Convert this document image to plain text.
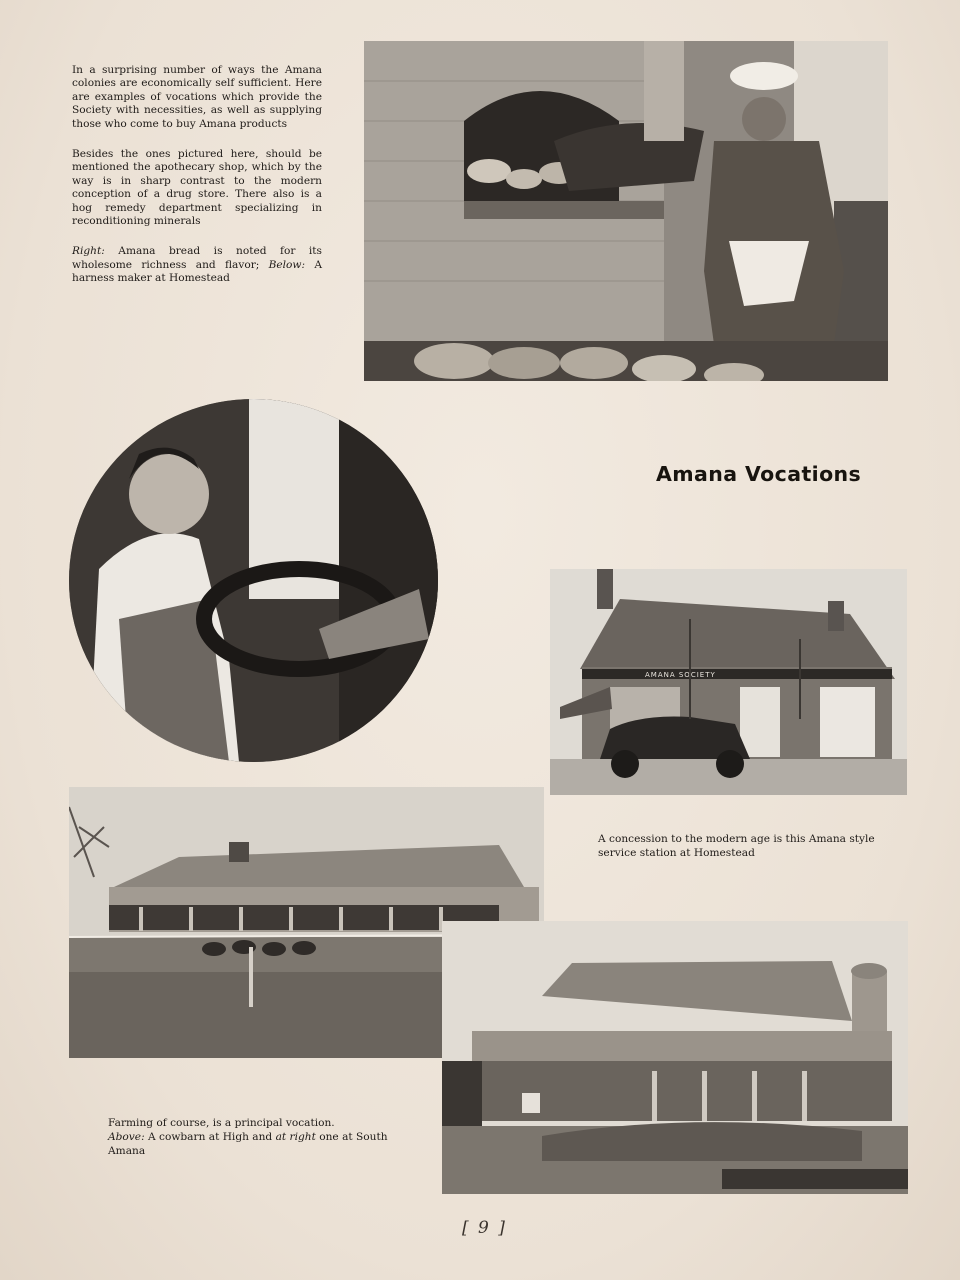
In a surprising number of ways the Amana colonies are economically self sufficient. Here are examples of vocations which provide the Society with necessities, as well as supplying those who come to buy Amana products

Besides the ones pictured here, should be mentioned the apothecary shop, which by the way is in sharp contrast to the modern conception of a drug store. There also is a hog remedy department specializing in reconditioning minerals

Right: Amana bread is noted for its wholesome richness and flavor; Below: A harness maker at Homestead

Amana Vocations
AMANA SOCIETY
A concession to the modern age is this Amana style service station at Homestead
Farming of course, is a principal vocation.
Above: A cowbarn at High and at right one at South Amana
[ 9 ]
